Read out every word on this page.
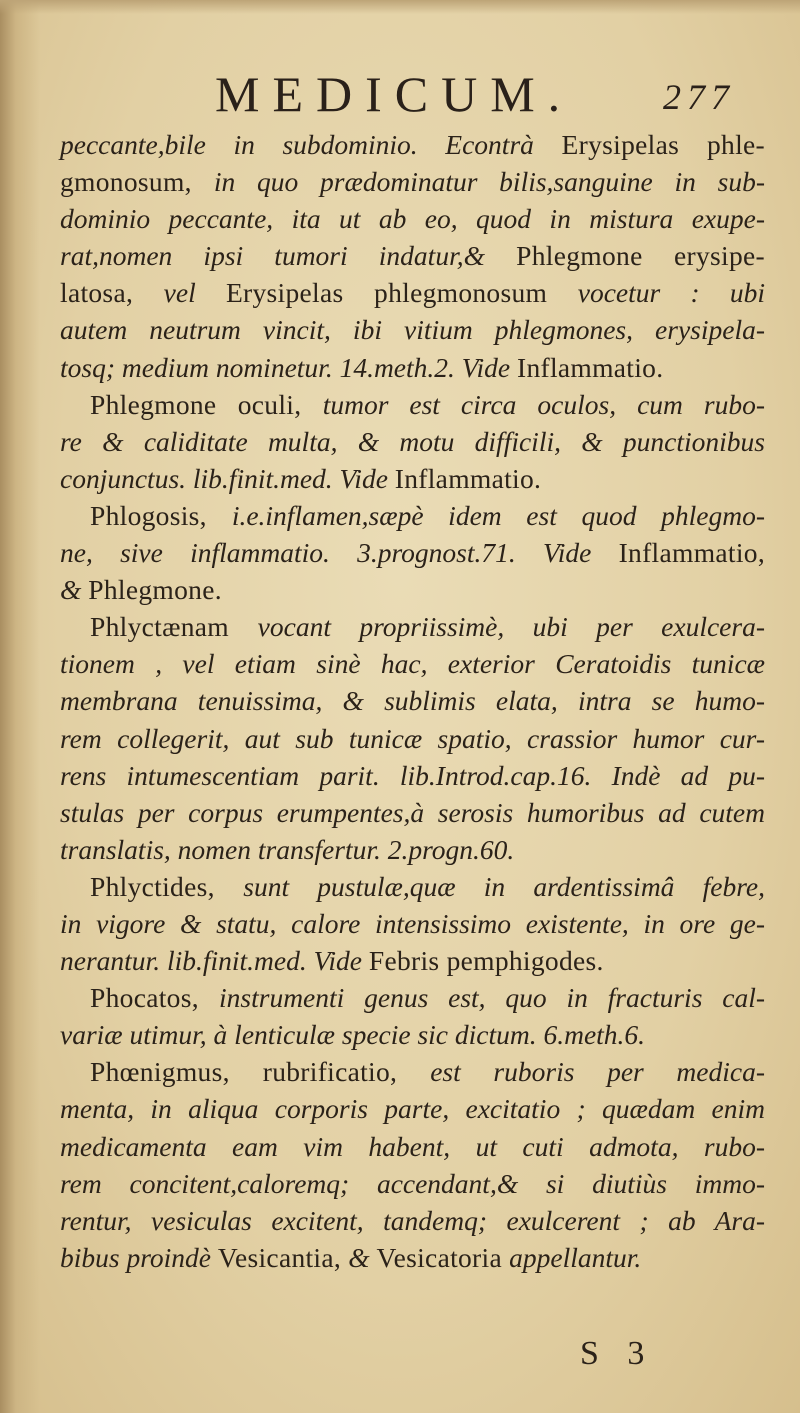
MEDICUM. 277
peccante,bile in subdominio. Econtrà Erysipelas phle-
gmonosum, in quo prædominatur bilis,sanguine in sub-
dominio peccante, ita ut ab eo, quod in mistura exupe-
rat,nomen ipsi tumori indatur,& Phlegmone erysipe-
latosa, vel Erysipelas phlegmonosum vocetur : ubi
autem neutrum vincit, ibi vitium phlegmones, erysipela-
tosq; medium nominetur. 14.meth.2. Vide Inflammatio.
Phlegmone oculi, tumor est circa oculos, cum rubo-
re & caliditate multa, & motu difficili, & punctionibus
conjunctus. lib.finit.med. Vide Inflammatio.
Phlogosis, i.e.inflamen,sæpè idem est quod phlegmo-
ne, sive inflammatio. 3.prognost.71. Vide Inflammatio,
& Phlegmone.
Phlyctænam vocant propriissimè, ubi per exulcera-
tionem , vel etiam sinè hac, exterior Ceratoidis tunicæ
membrana tenuissima, & sublimis elata, intra se humo-
rem collegerit, aut sub tunicæ spatio, crassior humor cur-
rens intumescentiam parit. lib.Introd.cap.16. Indè ad pu-
stulas per corpus erumpentes,à serosis humoribus ad cutem
translatis, nomen transfertur. 2.progn.60.
Phlyctides, sunt pustulæ,quæ in ardentissimâ febre,
in vigore & statu, calore intensissimo existente, in ore ge-
nerantur. lib.finit.med. Vide Febris pemphigodes.
Phocatos, instrumenti genus est, quo in fracturis cal-
variæ utimur, à lenticulæ specie sic dictum. 6.meth.6.
Phœnigmus, rubrificatio, est ruboris per medica-
menta, in aliqua corporis parte, excitatio ; quædam enim
medicamenta eam vim habent, ut cuti admota, rubo-
rem concitent,caloremq; accendant,& si diutiùs immo-
rentur, vesiculas excitent, tandemq; exulcerent ; ab Ara-
bibus proindè Vesicantia, & Vesicatoria appellantur.
S 3
